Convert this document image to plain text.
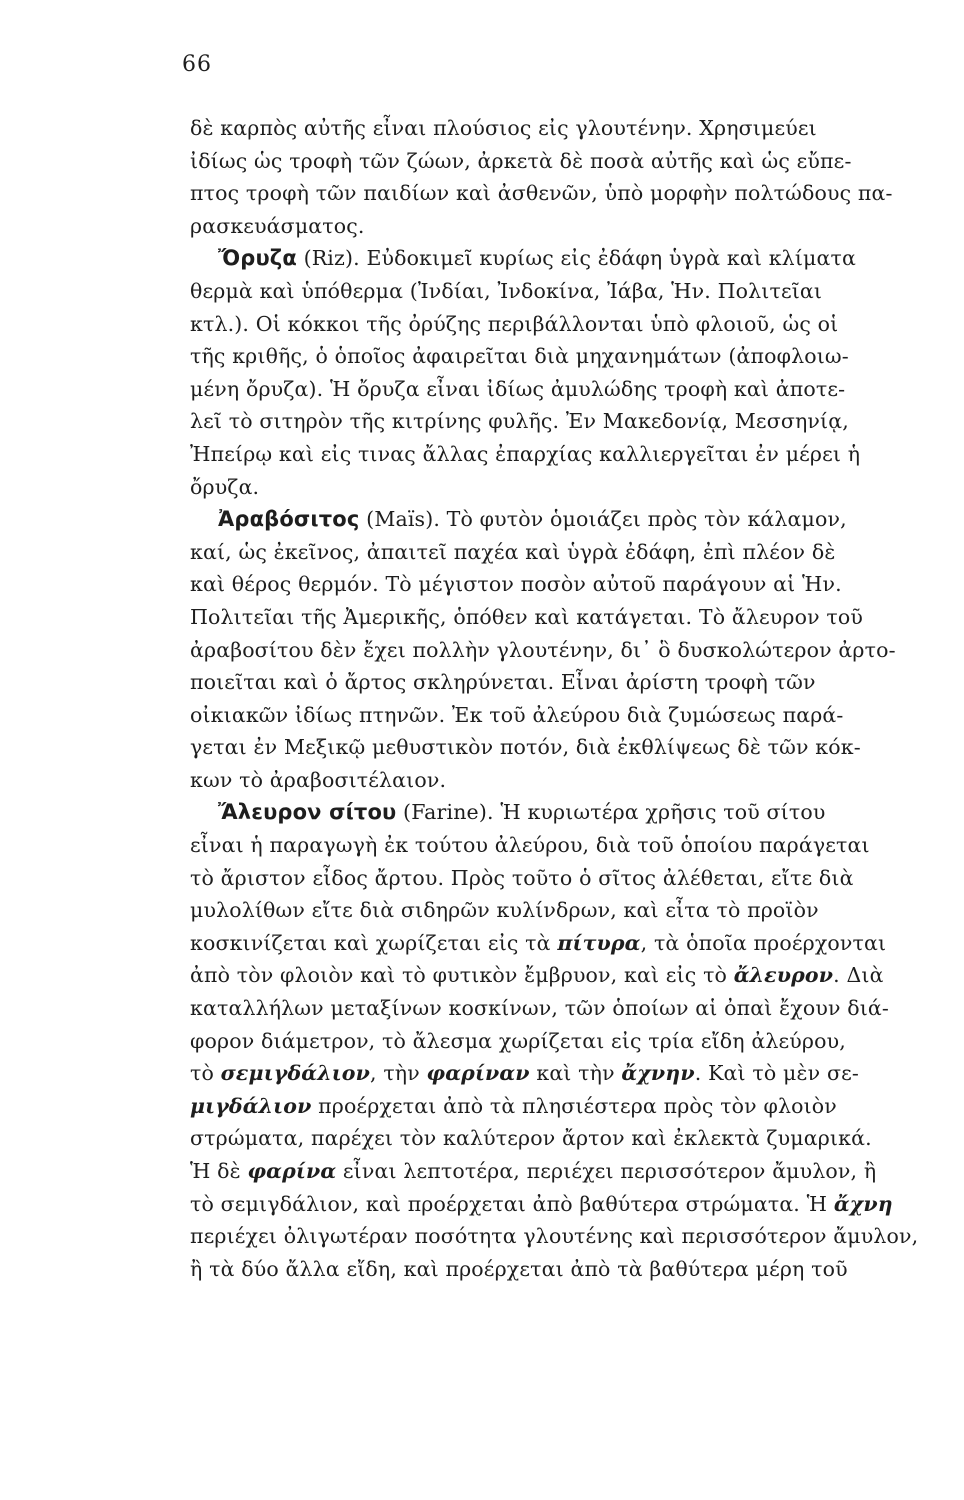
66
δὲ καρπὸς αὐτῆς εἶναι πλούσιος εἰς γλουτένην. Χρησιμεύει
ἰδίως ὡς τροφὴ τῶν ζώων, ἀρκετὰ δὲ ποσὰ αὐτῆς καὶ ὡς εὔπε-
πτος τροφὴ τῶν παιδίων καὶ ἀσθενῶν, ὑπὸ μορφὴν πολτώδους πα-
ρασκευάσματος.
Ὄρυζα (Riz). Εὐδοκιμεῖ κυρίως εἰς ἐδάφη ὑγρὰ καὶ κλίματα
θερμὰ καὶ ὑπόθερμα (Ἰνδίαι, Ἰνδοκίνα, Ἰάβα, Ἡν. Πολιτεῖαι
κτλ.). Οἱ κόκκοι τῆς ὀρύζης περιβάλλονται ὑπὸ φλοιοῦ, ὡς οἱ
τῆς κριθῆς, ὁ ὁποῖος ἀφαιρεῖται διὰ μηχανημάτων (ἀποφλοιω-
μένη ὄρυζα). Ἡ ὄρυζα εἶναι ἰδίως ἀμυλώδης τροφὴ καὶ ἀποτε-
λεῖ τὸ σιτηρὸν τῆς κιτρίνης φυλῆς. Ἐν Μακεδονίᾳ, Μεσσηνίᾳ,
Ἠπείρῳ καὶ εἰς τινας ἄλλας ἐπαρχίας καλλιεργεῖται ἐν μέρει ἡ
ὄρυζα.
Ἀραβόσιτος (Maïs). Τὸ φυτὸν ὁμοιάζει πρὸς τὸν κάλαμον,
καί, ὡς ἐκεῖνος, ἀπαιτεῖ παχέα καὶ ὑγρὰ ἐδάφη, ἐπὶ πλέον δὲ
καὶ θέρος θερμόν. Τὸ μέγιστον ποσὸν αὐτοῦ παράγουν αἱ Ἡν.
Πολιτεῖαι τῆς Ἀμερικῆς, ὁπόθεν καὶ κατάγεται. Τὸ ἄλευρον τοῦ
ἀραβοσίτου δὲν ἔχει πολλὴν γλουτένην, δι᾽ ὃ δυσκολώτερον ἀρτο-
ποιεῖται καὶ ὁ ἄρτος σκληρύνεται. Εἶναι ἀρίστη τροφὴ τῶν
οἰκιακῶν ἰδίως πτηνῶν. Ἐκ τοῦ ἀλεύρου διὰ ζυμώσεως παρά-
γεται ἐν Μεξικῷ μεθυστικὸν ποτόν, διὰ ἐκθλίψεως δὲ τῶν κόκ-
κων τὸ ἀραβοσιτέλαιον.
Ἄλευρον σίτου (Farine). Ἡ κυριωτέρα χρῆσις τοῦ σίτου
εἶναι ἡ παραγωγὴ ἐκ τούτου ἀλεύρου, διὰ τοῦ ὁποίου παράγεται
τὸ ἄριστον εἶδος ἄρτου. Πρὸς τοῦτο ὁ σῖτος ἀλέθεται, εἴτε διὰ
μυλολίθων εἴτε διὰ σιδηρῶν κυλίνδρων, καὶ εἶτα τὸ προϊὸν
κοσκινίζεται καὶ χωρίζεται εἰς τὰ πίτυρα, τὰ ὁποῖα προέρχονται
ἀπὸ τὸν φλοιὸν καὶ τὸ φυτικὸν ἔμβρυον, καὶ εἰς τὸ ἄλευρον. Διὰ
καταλλήλων μεταξίνων κοσκίνων, τῶν ὁποίων αἱ ὀπαὶ ἔχουν διά-
φορον διάμετρον, τὸ ἄλεσμα χωρίζεται εἰς τρία εἴδη ἀλεύρου,
τὸ σεμιγδάλιον, τὴν φαρίναν καὶ τὴν ἄχνην. Καὶ τὸ μὲν σε-
μιγδάλιον προέρχεται ἀπὸ τὰ πλησιέστερα πρὸς τὸν φλοιὸν
στρώματα, παρέχει τὸν καλύτερον ἄρτον καὶ ἐκλεκτὰ ζυμαρικά.
Ἡ δὲ φαρίνα εἶναι λεπτοτέρα, περιέχει περισσότερον ἄμυλον, ἢ
τὸ σεμιγδάλιον, καὶ προέρχεται ἀπὸ βαθύτερα στρώματα. Ἡ ἄχνη
περιέχει ὀλιγωτέραν ποσότητα γλουτένης καὶ περισσότερον ἄμυλον,
ἢ τὰ δύο ἄλλα εἴδη, καὶ προέρχεται ἀπὸ τὰ βαθύτερα μέρη τοῦ
